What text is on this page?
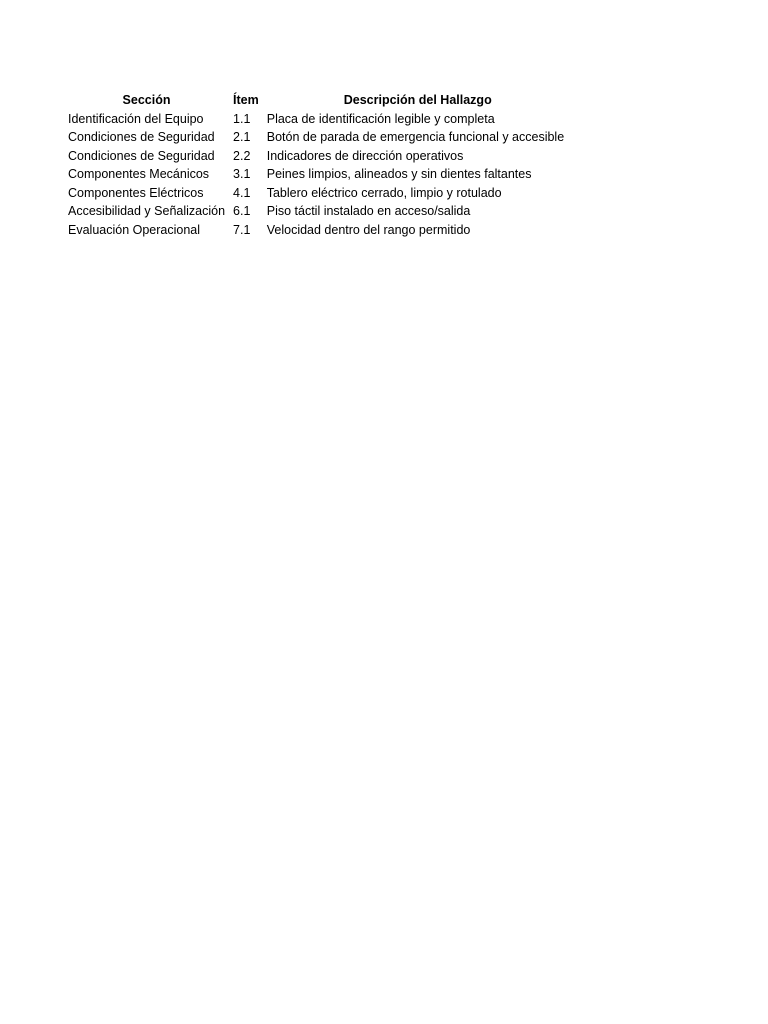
Sección	Ítem	Descripción del Hallazgo
Identificación del Equipo	1.1	Placa de identificación legible y completa
Condiciones de Seguridad	2.1	Botón de parada de emergencia funcional y accesible
Condiciones de Seguridad	2.2	Indicadores de dirección operativos
Componentes Mecánicos	3.1	Peines limpios, alineados y sin dientes faltantes
Componentes Eléctricos	4.1	Tablero eléctrico cerrado, limpio y rotulado
Accesibilidad y Señalización	6.1	Piso táctil instalado en acceso/salida
Evaluación Operacional	7.1	Velocidad dentro del rango permitido
